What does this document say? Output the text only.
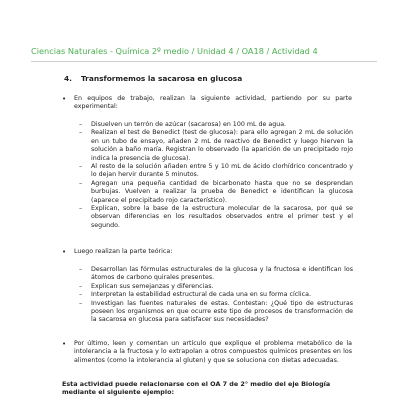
Ciencias Naturales - Química 2º medio / Unidad 4 / OA18 / Actividad 4
4. Transformemos la sacarosa en glucosa
• En equipos de trabajo, realizan la siguiente actividad, partiendo por su parte experimental:
– Disuelven un terrón de azúcar (sacarosa) en 100 mL de agua.
– Realizan el test de Benedict (test de glucosa): para ello agregan 2 mL de solución en un tubo de ensayo, añaden 2 mL de reactivo de Benedict y luego hierven la solución a baño maría. Registran lo observado (la aparición de un precipitado rojo indica la presencia de glucosa).
– Al resto de la solución añaden entre 5 y 10 mL de ácido clorhídrico concentrado y lo dejan hervir durante 5 minutos.
– Agregan una pequeña cantidad de bicarbonato hasta que no se desprendan burbujas. Vuelven a realizar la prueba de Benedict e identifican la glucosa (aparece el precipitado rojo característico).
– Explican, sobre la base de la estructura molecular de la sacarosa, por qué se observan diferencias en los resultados observados entre el primer test y el segundo.
• Luego realizan la parte teórica:
– Desarrollan las fórmulas estructurales de la glucosa y la fructosa e identifican los átomos de carbono quirales presentes.
– Explican sus semejanzas y diferencias.
– Interpretan la estabilidad estructural de cada una en su forma cíclica.
– Investigan las fuentes naturales de estas. Contestan: ¿Qué tipo de estructuras poseen los organismos en que ocurre este tipo de procesos de transformación de la sacarosa en glucosa para satisfacer sus necesidades?
• Por último, leen y comentan un artículo que explique el problema metabólico de la intolerancia a la fructosa y lo extrapolan a otros compuestos químicos presentes en los alimentos (como la intolerancia al gluten) y que se soluciona con dietas adecuadas.
Esta actividad puede relacionarse con el OA 7 de 2° medio del eje Biología mediante el siguiente ejemplo:
